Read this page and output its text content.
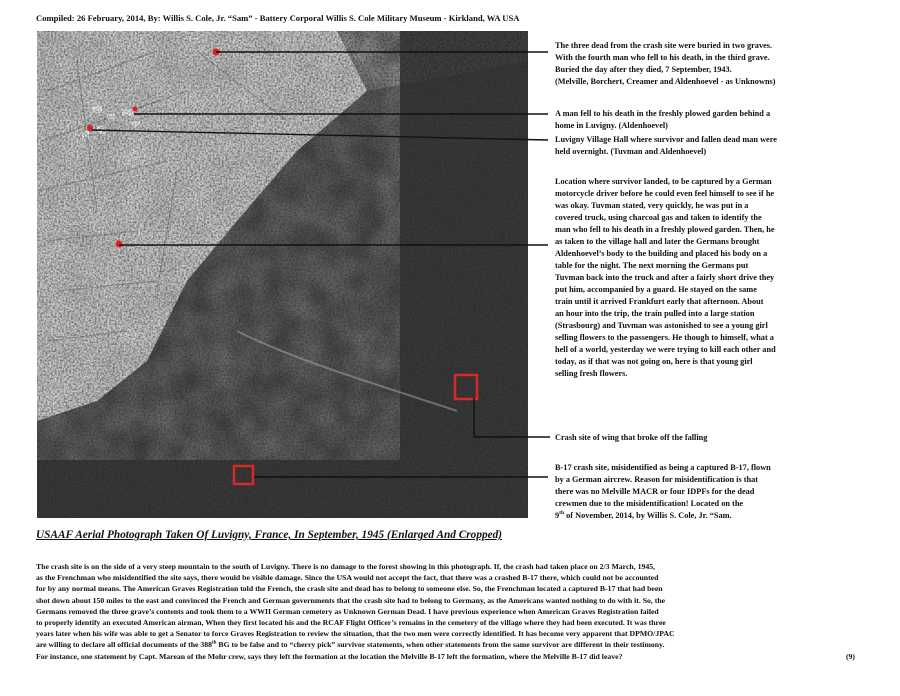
Compiled: 26 February, 2014, By: Willis S. Cole, Jr. “Sam” - Battery Corporal Willis S. Cole Military Museum - Kirkland, WA USA
The three dead from the crash site were buried in two graves.
With the fourth man who fell to his death, in the third grave.
Buried the day after they died, 7 September, 1943.
(Melville, Borchert, Creamer and Aldenhoevel - as Unknowns)
A man fell to his death in the freshly plowed garden behind a
home in Luvigny. (Aldenhoevel)
Luvigny Village Hall where survivor and fallen dead man were
held overnight. (Tuvman and Aldenhoevel)
Location where survivor landed, to be captured by a German
motorcycle driver before he could even feel himself to see if he
was okay. Tuvman stated, very quickly, he was put in a
covered truck, using charcoal gas and taken to identify the
man who fell to his death in a freshly plowed garden. Then, he
as taken to the village hall and later the Germans brought
Aldenhoevel’s body to the building and placed his body on a
table for the night. The next morning the Germans put
Tuvman back into the truck and after a fairly short drive they
put him, accompanied by a guard. He stayed on the same
train until it arrived Frankfurt early that afternoon. About
an hour into the trip, the train pulled into a large station
(Strasbourg) and Tuvman was astonished to see a young girl
selling flowers to the passengers. He though to himself, what a
hell of a world, yesterday we were trying to kill each other and
today, as if that was not going on, here is that young girl
selling fresh flowers.
Crash site of wing that broke off the falling
B-17 crash site, misidentified as being a captured B-17, flown
by a German aircrew. Reason for misidentification is that
there was no Melville MACR or four IDPFs for the dead
crewmen due to the misidentification! Located on the
9th of November, 2014, by Willis S. Cole, Jr. “Sam.
USAAF Aerial Photograph Taken Of Luvigny, France, In September, 1945 (Enlarged And Cropped)
The crash site is on the side of a very steep mountain to the south of Luvigny. There is no damage to the forest showing in this photograph. If, the crash had taken place on 2/3 March, 1945,
as the Frenchman who misidentified the site says, there would be visible damage. Since the USA would not accept the fact, that there was a crashed B-17 there, which could not be accounted
for by any normal means. The American Graves Registration told the French, the crash site and dead has to belong to someone else. So, the Frenchman located a captured B-17 that had been
shot down about 150 miles to the east and convinced the French and German governments that the crash site had to belong to Germany, as the Americans wanted nothing to do with it. So, the
Germans removed the three grave’s contents and took them to a WWII German cemetery as Unknown German Dead. I have previous experience when American Graves Registration failed
to properly identify an executed American airman, When they first located his and the RCAF Flight Officer’s remains in the cemetery of the village where they had been executed. It was three
years later when his wife was able to get a Senator to force Graves Registration to review the situation, that the two men were correctly identified. It has become very apparent that DPMO/JPAC
are willing to declare all official documents of the 388th BG to be false and to “cherry pick” survivor statements, when other statements from the same survivor are different in their testimony.
For instance, one statement by Capt. Marean of the Mohr crew, says they left the formation at the location the Melville B-17 left the formation, where the Melville B-17 did leave?	(9)
